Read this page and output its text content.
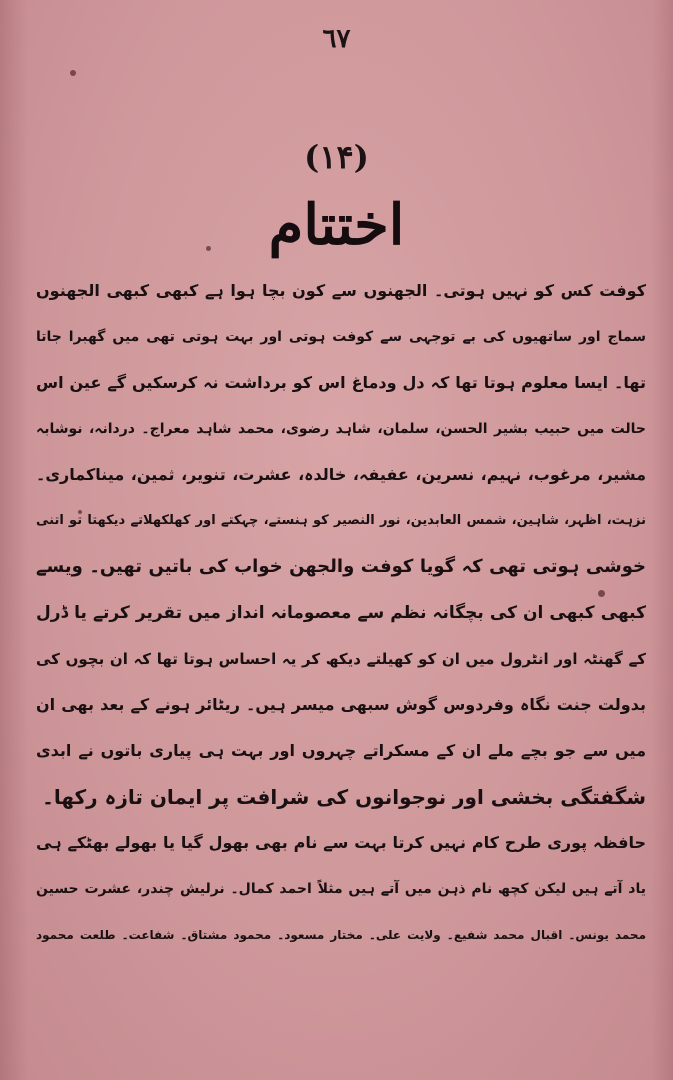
٦٧
(۱۴)
اختتام
کوفت کس کو نہیں ہوتی۔ الجھنوں سے کون بچا ہوا ہے کبھی کبھی الجھنوں
سماج اور ساتھیوں کی بے توجہی سے کوفت ہوتی اور بہت ہوتی تھی میں گھبرا جاتا
تھا۔ ایسا معلوم ہوتا تھا کہ دل ودماغ اس کو برداشت نہ کرسکیں گے عین اس
حالت میں حبیب بشیر الحسن، سلمان، شاہد رضوی، محمد شاہد معراج۔ دردانہ، نوشابہ
مشیر، مرغوب، نہیم، نسرین، عفیفہ، خالدہ، عشرت، تنویر، ثمین، میناکماری۔
نزہت، اظہر، شاہین، شمس العابدین، نور النصیر کو ہنستے، چہکتے اور کھلکھلاتے دیکھتا تو اتنی
خوشی ہوتی تھی کہ گویا کوفت والجھن خواب کی باتیں تھیں۔ ویسے
کبھی کبھی ان کی بچگانہ نظم سے معصومانہ انداز میں تقریر کرتے یا ڈرل
کے گھنٹہ اور انٹرول میں ان کو کھیلتے دیکھ کر یہ احساس ہوتا تھا کہ ان بچوں کی
بدولت جنت نگاہ وفردوس گوش سبھی میسر ہیں۔ ریٹائر ہونے کے بعد بھی ان
میں سے جو بچے ملے ان کے مسکراتے چہروں اور بہت ہی پیاری باتوں نے ابدی
شگفتگی بخشی اور نوجوانوں کی شرافت پر ایمان تازہ رکھا۔
حافظہ پوری طرح کام نہیں کرتا بہت سے نام بھی بھول گیا یا بھولے بھٹکے ہی
یاد آتے ہیں لیکن کچھ نام ذہن میں آتے ہیں مثلاً احمد کمال۔ نرلیش چندر، عشرت حسین
محمد یونس۔ اقبال محمد شفیع۔ ولایت علی۔ مختار مسعود۔ محمود مشتاق۔ شفاعت۔ طلعت محمود
